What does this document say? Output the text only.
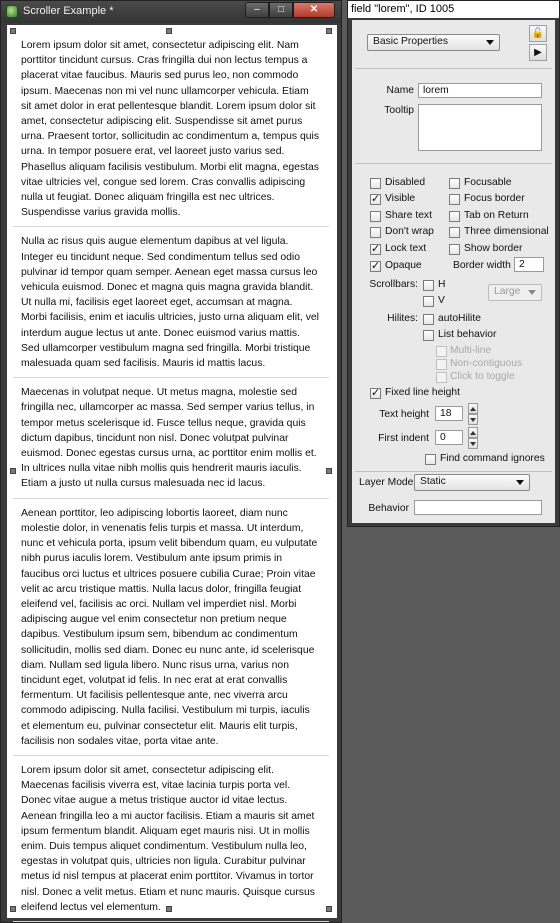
Scroller Example *	–	□	✕

Lorem ipsum dolor sit amet, consectetur adipiscing elit. Nam porttitor tincidunt cursus. Cras fringilla dui non lectus tempus a placerat vitae faucibus. Mauris sed purus leo, non commodo ipsum. Maecenas non mi vel nunc ullamcorper vehicula. Etiam sit amet dolor in erat pellentesque blandit. Lorem ipsum dolor sit amet, consectetur adipiscing elit. Suspendisse sit amet purus urna. Praesent tortor, sollicitudin ac condimentum a, tempus quis urna. In tempor posuere erat, vel laoreet justo varius sed. Phasellus aliquam facilisis vestibulum. Morbi elit magna, egestas vitae ultricies vel, congue sed lorem. Cras convallis adipiscing nulla ut feugiat. Donec aliquam fringilla est nec ultrices. Suspendisse varius gravida mollis.

Nulla ac risus quis augue elementum dapibus at vel ligula. Integer eu tincidunt neque. Sed condimentum tellus sed odio pulvinar id tempor quam semper. Aenean eget massa cursus leo vehicula euismod. Donec et magna quis magna gravida blandit. Ut nulla mi, facilisis eget laoreet eget, accumsan at magna. Morbi facilisis, enim et iaculis ultricies, justo urna aliquam elit, vel interdum augue lectus ut ante. Donec euismod varius mattis. Sed ullamcorper vestibulum magna sed fringilla. Morbi tristique malesuada quam sed facilisis. Mauris id mattis lacus.

Maecenas in volutpat neque. Ut metus magna, molestie sed fringilla nec, ullamcorper ac massa. Sed semper varius tellus, in tempor metus scelerisque id. Fusce tellus neque, gravida quis dictum dapibus, tincidunt non nisl. Donec volutpat pulvinar euismod. Donec egestas cursus urna, ac porttitor enim mollis et. In ultrices nulla vitae nibh mollis quis hendrerit mauris iaculis. Etiam a justo ut nulla cursus malesuada nec id lacus.

Aenean porttitor, leo adipiscing lobortis laoreet, diam nunc molestie dolor, in venenatis felis turpis et massa. Ut interdum, nunc et vehicula porta, ipsum velit bibendum quam, eu vulputate nibh purus iaculis lorem. Vestibulum ante ipsum primis in faucibus orci luctus et ultrices posuere cubilia Curae; Proin vitae velit ac arcu tristique mattis. Nulla lacus dolor, fringilla feugiat eleifend vel, facilisis ac orci. Nullam vel imperdiet nisl. Morbi adipiscing augue vel enim consectetur non pretium neque dapibus. Vestibulum ipsum sem, bibendum ac condimentum sollicitudin, mollis sed diam. Donec eu nunc ante, id scelerisque diam. Nullam sed ligula libero. Nunc risus urna, varius non tincidunt eget, volutpat id felis. In nec erat at erat convallis fermentum. Ut facilisis pellentesque ante, nec viverra arcu commodo adipiscing. Nulla facilisi. Vestibulum mi turpis, iaculis et elementum eu, pulvinar consectetur elit. Mauris elit turpis, facilisis non sodales vitae, porta vitae ante.

Lorem ipsum dolor sit amet, consectetur adipiscing elit. Maecenas facilisis viverra est, vitae lacinia turpis porta vel. Donec vitae augue a metus tristique auctor id vitae lectus. Aenean fringilla leo a mi auctor facilisis. Etiam a mauris sit amet ipsum fermentum blandit. Aliquam eget mauris nisi. Ut in mollis enim. Duis tempus aliquet condimentum. Vestibulum nulla leo, egestas in volutpat quis, ultricies non ligula. Curabitur pulvinar metus id nisl tempus at placerat enim porttitor. Vivamus in tortor nisl. Donec a velit metus. Etiam et nunc mauris. Quisque cursus eleifend lectus vel elementum.

field "lorem", ID 1005
Basic Properties
🔓
▶
Name lorem
Tooltip
Disabled	Focusable
✓
Visible	Focus border
Share text	Tab on Return
Don't wrap	Three dimensional
✓
Lock text	Show border
✓
Opaque	Border width 2
Scrollbars: H
Large
V
Hilites: autoHilite
List behavior
Multi-line
Non-contiguous
Click to toggle
✓
Fixed line height
Text height	18
First indent	0
Find command ignores
Layer Mode Static
Behavior
